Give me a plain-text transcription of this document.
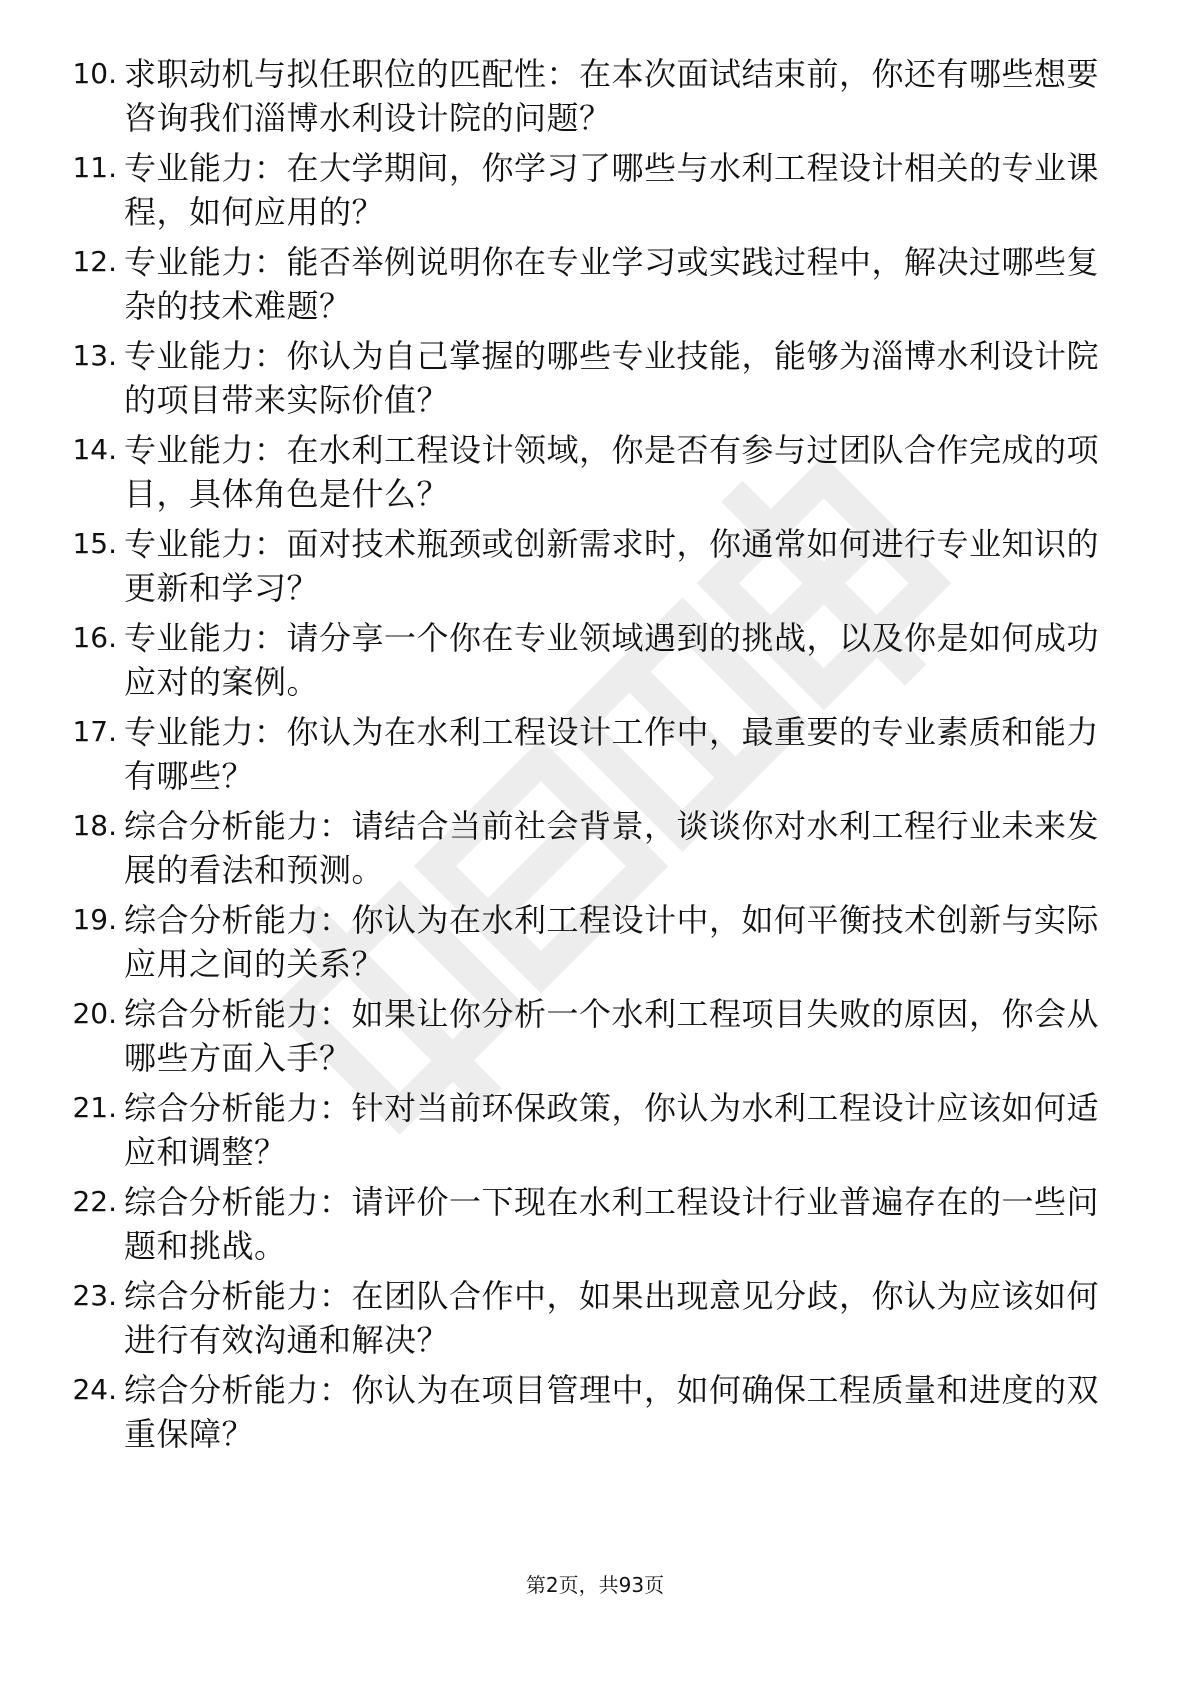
10. 求职动机与拟任职位的匹配性：在本次面试结束前，你还有哪些想要咨询我们淄博水利设计院的问题？
11. 专业能力：在大学期间，你学习了哪些与水利工程设计相关的专业课程，如何应用的？
12. 专业能力：能否举例说明你在专业学习或实践过程中，解决过哪些复杂的技术难题？
13. 专业能力：你认为自己掌握的哪些专业技能，能够为淄博水利设计院的项目带来实际价值？
14. 专业能力：在水利工程设计领域，你是否有参与过团队合作完成的项目，具体角色是什么？
15. 专业能力：面对技术瓶颈或创新需求时，你通常如何进行专业知识的更新和学习？
16. 专业能力：请分享一个你在专业领域遇到的挑战，以及你是如何成功应对的案例。
17. 专业能力：你认为在水利工程设计工作中，最重要的专业素质和能力有哪些？
18. 综合分析能力：请结合当前社会背景，谈谈你对水利工程行业未来发展的看法和预测。
19. 综合分析能力：你认为在水利工程设计中，如何平衡技术创新与实际应用之间的关系？
20. 综合分析能力：如果让你分析一个水利工程项目失败的原因，你会从哪些方面入手？
21. 综合分析能力：针对当前环保政策，你认为水利工程设计应该如何适应和调整？
22. 综合分析能力：请评价一下现在水利工程设计行业普遍存在的一些问题和挑战。
23. 综合分析能力：在团队合作中，如果出现意见分歧，你认为应该如何进行有效沟通和解决？
24. 综合分析能力：你认为在项目管理中，如何确保工程质量和进度的双重保障？
第2页，共93页
